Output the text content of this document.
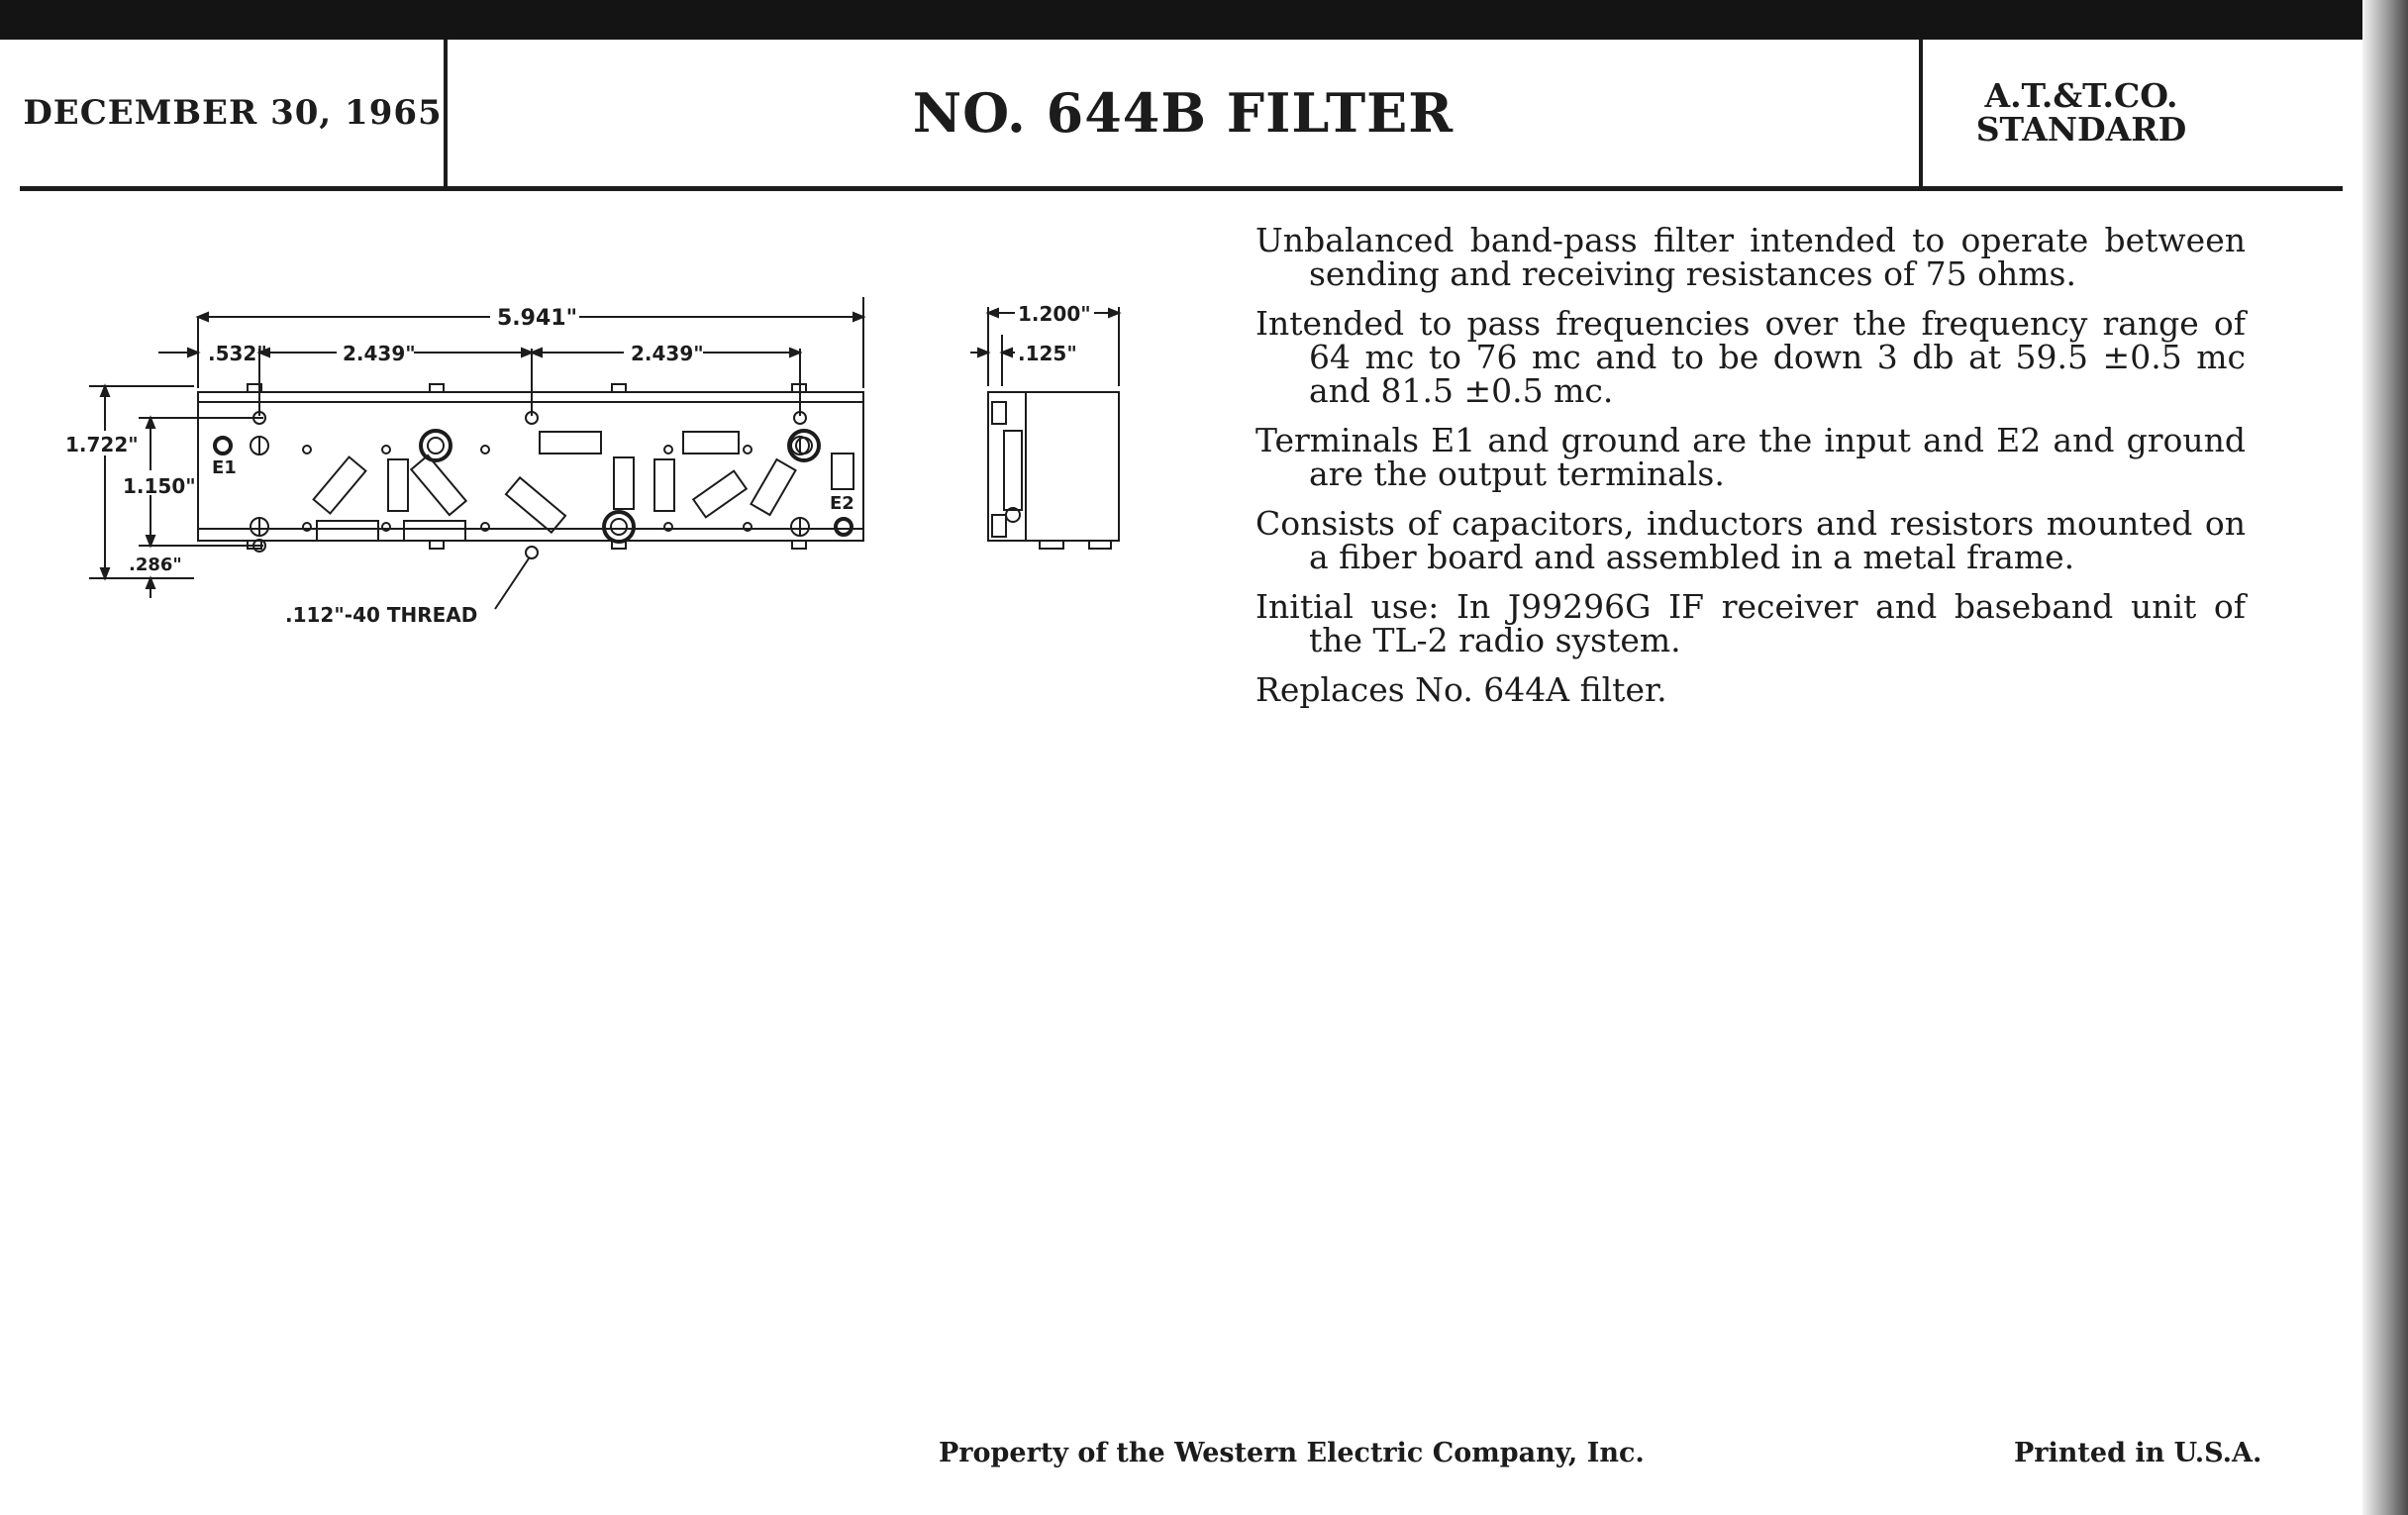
DECEMBER 30, 1965	NO. 644B FILTER	A.T.&T.CO.
STANDARD
5.941"
.532"	2.439"	2.439"
1.722"
1.150"
.286"
.112"-40 THREAD
E1
E2
1.200"
.125"

Unbalanced band-pass filter intended to operate between sending and receiving resistances of 75 ohms.

Intended to pass frequencies over the frequency range of 64 mc to 76 mc and to be down 3 db at 59.5 ±0.5 mc and 81.5 ±0.5 mc.

Terminals E1 and ground are the input and E2 and ground are the output terminals.

Consists of capacitors, inductors and resistors mounted on a fiber board and assembled in a metal frame.

Initial use: In J99296G IF receiver and baseband unit of the TL-2 radio system.

Replaces No. 644A filter.

Property of the Western Electric Company, Inc.	Printed in U.S.A.
